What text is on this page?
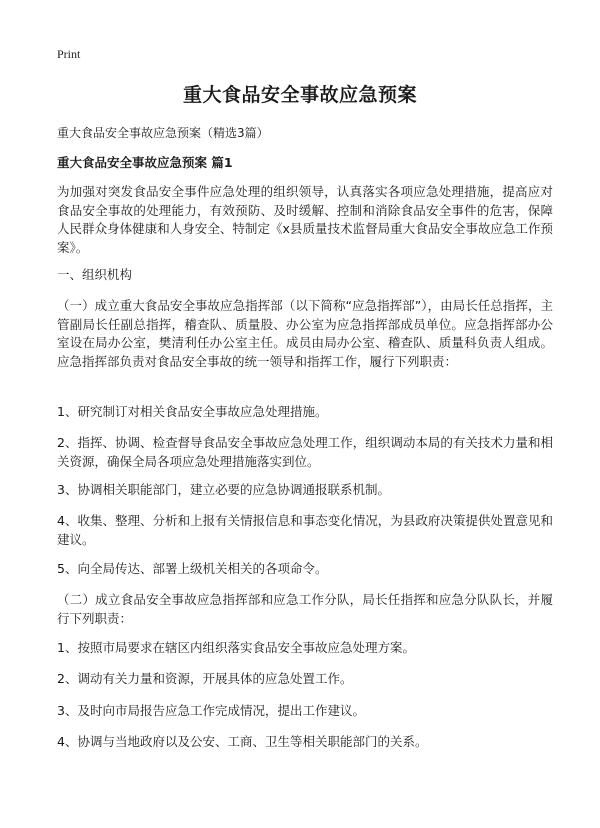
Print
重大食品安全事故应急预案

重大食品安全事故应急预案（精选3篇）

重大食品安全事故应急预案 篇1

为加强对突发食品安全事件应急处理的组织领导，认真落实各项应急处理措施，提高应对食品安全事故的处理能力，有效预防、及时缓解、控制和消除食品安全事件的危害，保障人民群众身体健康和人身安全、特制定《x县质量技术监督局重大食品安全事故应急工作预案》。

一、组织机构

（一）成立重大食品安全事故应急指挥部（以下简称“应急指挥部”），由局长任总指挥，主管副局长任副总指挥，稽查队、质量股、办公室为应急指挥部成员单位。应急指挥部办公室设在局办公室，樊清利任办公室主任。成员由局办公室、稽查队、质量科负责人组成。应急指挥部负责对食品安全事故的统一领导和指挥工作，履行下列职责：

1、研究制订对相关食品安全事故应急处理措施。

2、指挥、协调、检查督导食品安全事故应急处理工作，组织调动本局的有关技术力量和相关资源，确保全局各项应急处理措施落实到位。

3、协调相关职能部门，建立必要的应急协调通报联系机制。

4、收集、整理、分析和上报有关情报信息和事态变化情况，为县政府决策提供处置意见和建议。

5、向全局传达、部署上级机关相关的各项命令。

（二）成立食品安全事故应急指挥部和应急工作分队，局长任指挥和应急分队队长，并履行下列职责：

1、按照市局要求在辖区内组织落实食品安全事故应急处理方案。

2、调动有关力量和资源，开展具体的应急处置工作。

3、及时向市局报告应急工作完成情况，提出工作建议。

4、协调与当地政府以及公安、工商、卫生等相关职能部门的关系。
